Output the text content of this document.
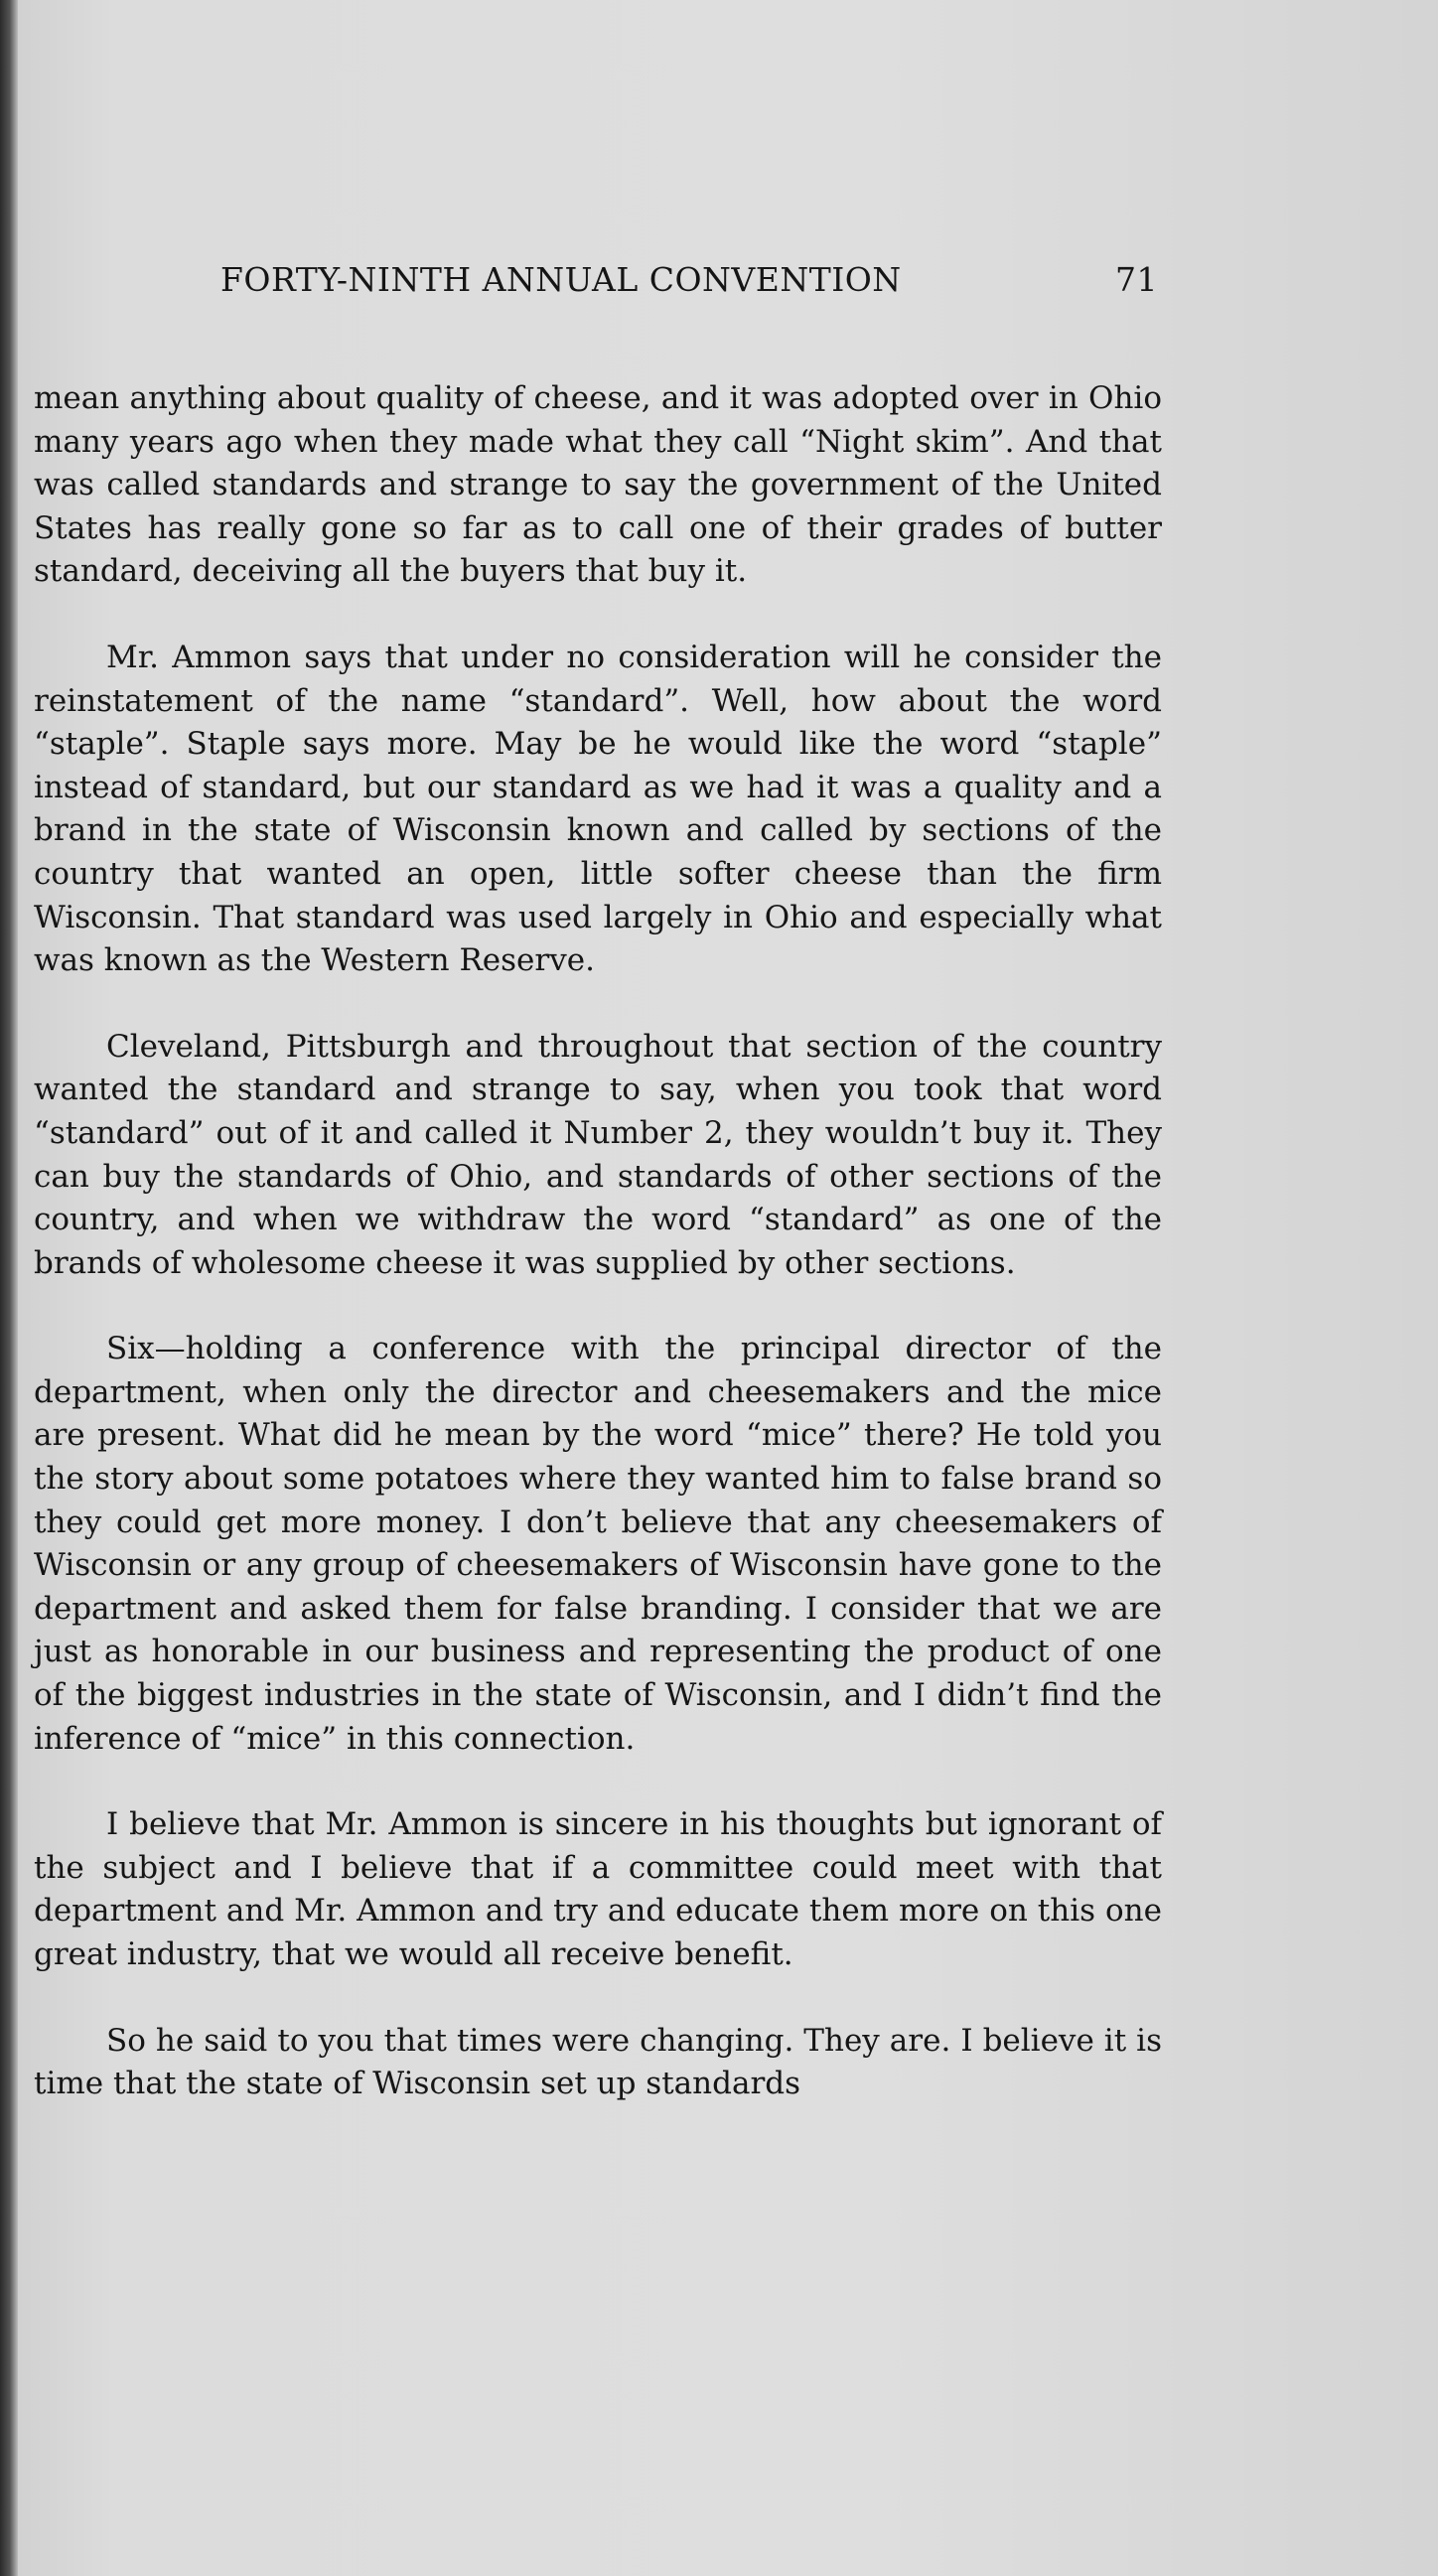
FORTY-NINTH ANNUAL CONVENTION	71

mean anything about quality of cheese, and it was adopted over in Ohio many years ago when they made what they call “Night skim”. And that was called standards and strange to say the government of the United States has really gone so far as to call one of their grades of butter standard, deceiving all the buyers that buy it.

Mr. Ammon says that under no consideration will he consider the reinstatement of the name “standard”. Well, how about the word “staple”. Staple says more. May be he would like the word “staple” instead of standard, but our standard as we had it was a quality and a brand in the state of Wisconsin known and called by sections of the country that wanted an open, little softer cheese than the firm Wisconsin. That standard was used largely in Ohio and especially what was known as the Western Reserve.

Cleveland, Pittsburgh and throughout that section of the country wanted the standard and strange to say, when you took that word “standard” out of it and called it Number 2, they wouldn’t buy it. They can buy the standards of Ohio, and standards of other sections of the country, and when we withdraw the word “standard” as one of the brands of wholesome cheese it was supplied by other sections.

Six—holding a conference with the principal director of the department, when only the director and cheesemakers and the mice are present. What did he mean by the word “mice” there? He told you the story about some potatoes where they wanted him to false brand so they could get more money. I don’t believe that any cheesemakers of Wisconsin or any group of cheesemakers of Wisconsin have gone to the department and asked them for false branding. I consider that we are just as honorable in our business and representing the product of one of the biggest industries in the state of Wisconsin, and I didn’t find the inference of “mice” in this connection.

I believe that Mr. Ammon is sincere in his thoughts but ignorant of the subject and I believe that if a committee could meet with that department and Mr. Ammon and try and educate them more on this one great industry, that we would all receive benefit.

So he said to you that times were changing. They are. I believe it is time that the state of Wisconsin set up standards
